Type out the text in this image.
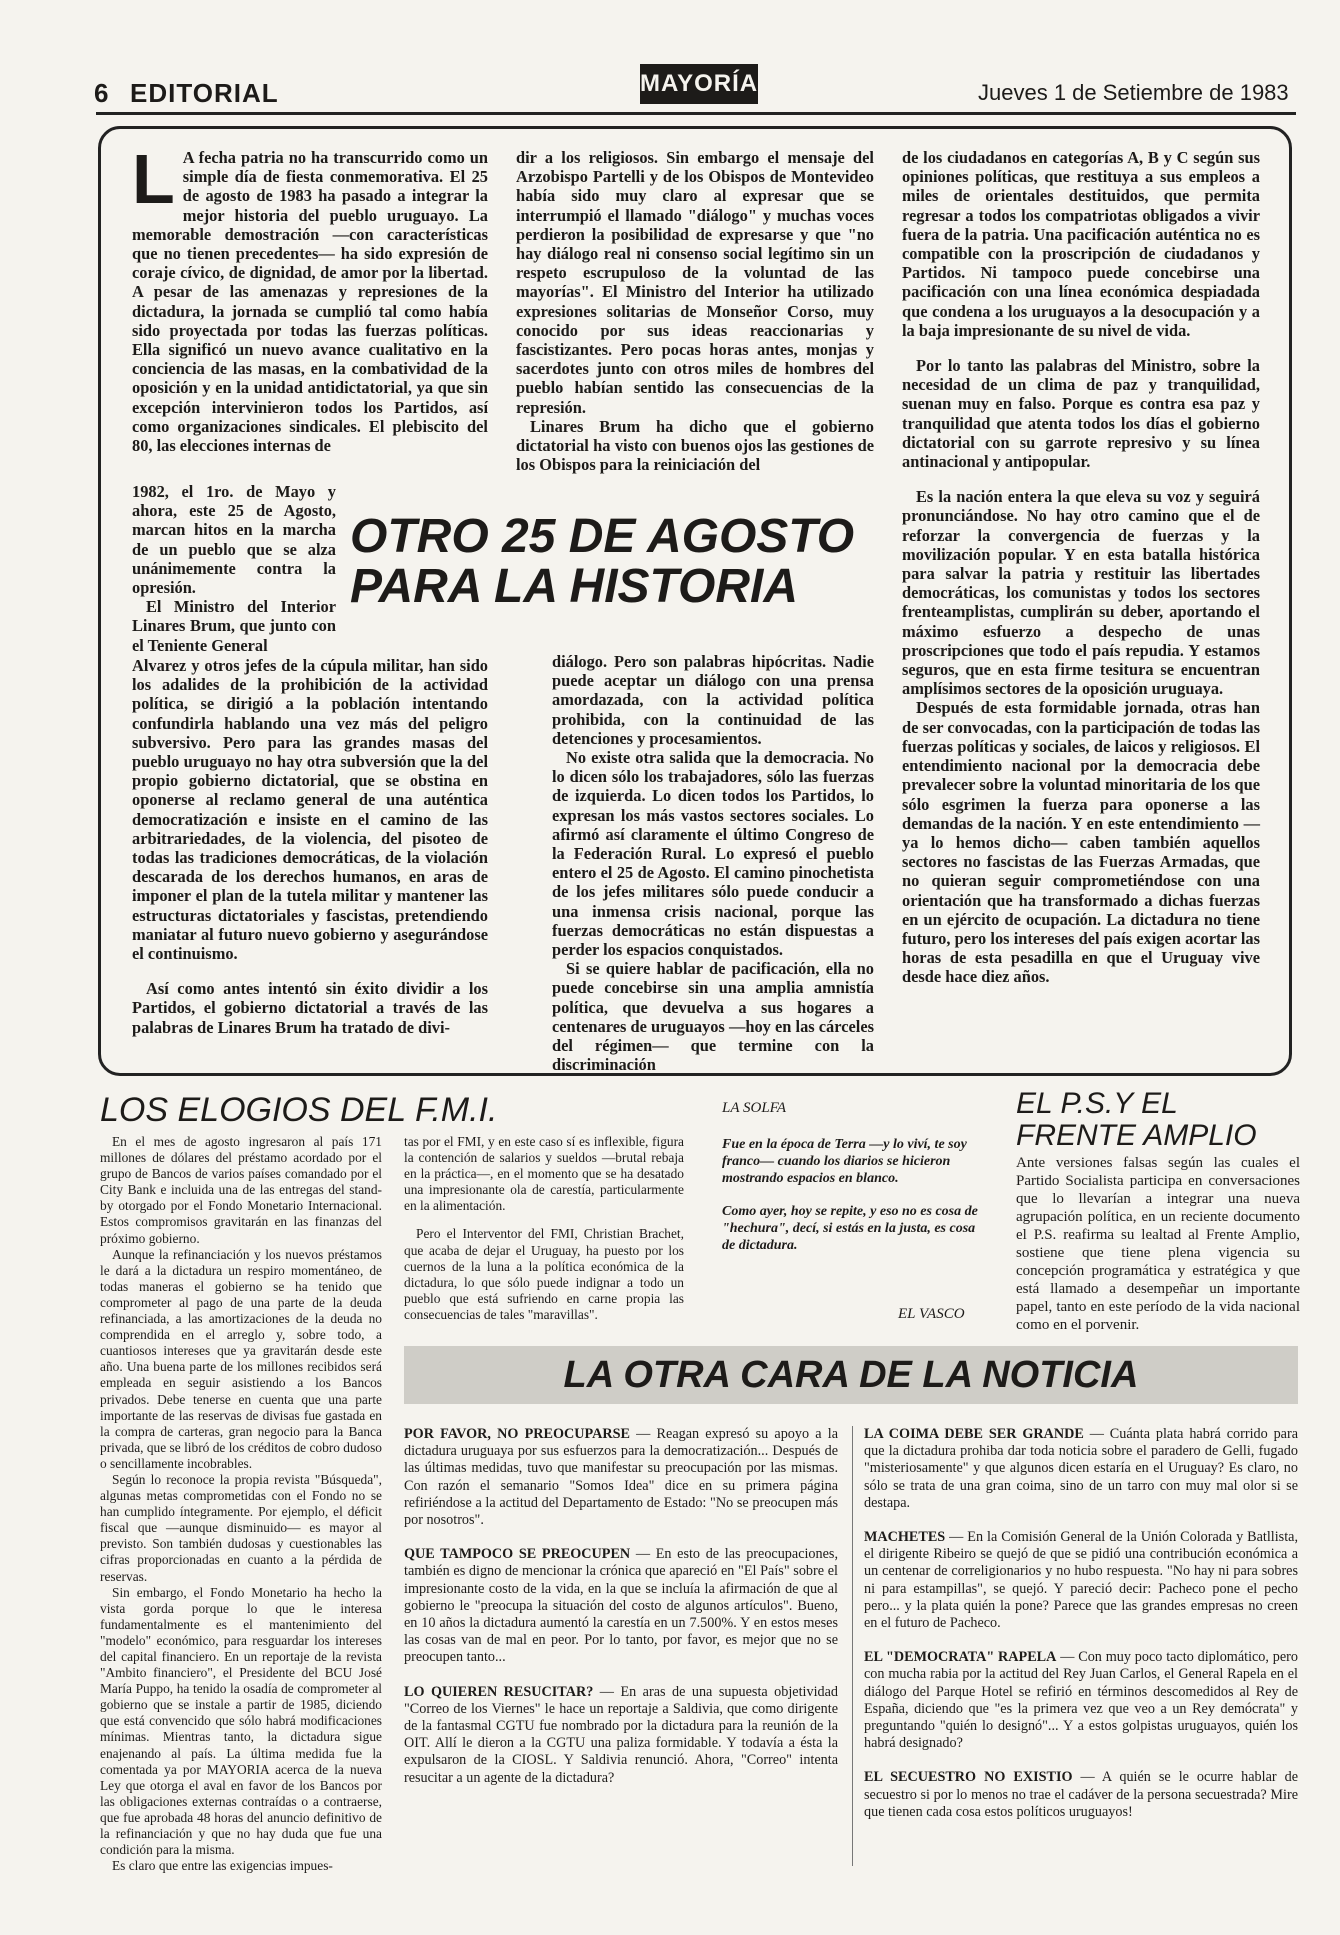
6 EDITORIAL	MAYORÍA	Jueves 1 de Setiembre de 1983
L A fecha patria no ha transcurrido como un simple día de fiesta conmemorativa. El 25 de agosto de 1983 ha pasado a integrar la mejor historia del pueblo uruguayo. La memorable demostración —con características que no tienen precedentes— ha sido expresión de coraje cívico, de dignidad, de amor por la libertad. A pesar de las amenazas y represiones de la dictadura, la jornada se cumplió tal como había sido proyectada por todas las fuerzas políticas. Ella significó un nuevo avance cualitativo en la conciencia de las masas, en la combatividad de la oposición y en la unidad antidictatorial, ya que sin excepción intervinieron todos los Partidos, así como organizaciones sindicales. El plebiscito del 80, las elecciones internas de

1982, el 1ro. de Mayo y ahora, este 25 de Agosto, marcan hitos en la marcha de un pueblo que se alza unánimemente contra la opresión.

El Ministro del Interior Linares Brum, que junto con el Teniente General

Alvarez y otros jefes de la cúpula militar, han sido los adalides de la prohibición de la actividad política, se dirigió a la población intentando confundirla hablando una vez más del peligro subversivo. Pero para las grandes masas del pueblo uruguayo no hay otra subversión que la del propio gobierno dictatorial, que se obstina en oponerse al reclamo general de una auténtica democratización e insiste en el camino de las arbitrariedades, de la violencia, del pisoteo de todas las tradiciones democráticas, de la violación descarada de los derechos humanos, en aras de imponer el plan de la tutela militar y mantener las estructuras dictatoriales y fascistas, pretendiendo maniatar al futuro nuevo gobierno y asegurándose el continuismo.

Así como antes intentó sin éxito dividir a los Partidos, el gobierno dictatorial a través de las palabras de Linares Brum ha tratado de divi-

dir a los religiosos. Sin embargo el mensaje del Arzobispo Partelli y de los Obispos de Montevideo había sido muy claro al expresar que se interrumpió el llamado "diálogo" y muchas voces perdieron la posibilidad de expresarse y que "no hay diálogo real ni consenso social legítimo sin un respeto escrupuloso de la voluntad de las mayorías". El Ministro del Interior ha utilizado expresiones solitarias de Monseñor Corso, muy conocido por sus ideas reaccionarias y fascistizantes. Pero pocas horas antes, monjas y sacerdotes junto con otros miles de hombres del pueblo habían sentido las consecuencias de la represión.

Linares Brum ha dicho que el gobierno dictatorial ha visto con buenos ojos las gestiones de los Obispos para la reiniciación del

OTRO 25 DE AGOSTO
PARA LA HISTORIA

diálogo. Pero son palabras hipócritas. Nadie puede aceptar un diálogo con una prensa amordazada, con la actividad política prohibida, con la continuidad de las detenciones y procesamientos.

No existe otra salida que la democracia. No lo dicen sólo los trabajadores, sólo las fuerzas de izquierda. Lo dicen todos los Partidos, lo expresan los más vastos sectores sociales. Lo afirmó así claramente el último Congreso de la Federación Rural. Lo expresó el pueblo entero el 25 de Agosto. El camino pinochetista de los jefes militares sólo puede conducir a una inmensa crisis nacional, porque las fuerzas democráticas no están dispuestas a perder los espacios conquistados.

Si se quiere hablar de pacificación, ella no puede concebirse sin una amplia amnistía política, que devuelva a sus hogares a centenares de uruguayos —hoy en las cárceles del régimen— que termine con la discriminación

de los ciudadanos en categorías A, B y C según sus opiniones políticas, que restituya a sus empleos a miles de orientales destituidos, que permita regresar a todos los compatriotas obligados a vivir fuera de la patria. Una pacificación auténtica no es compatible con la proscripción de ciudadanos y Partidos. Ni tampoco puede concebirse una pacificación con una línea económica despiadada que condena a los uruguayos a la desocupación y a la baja impresionante de su nivel de vida.

Por lo tanto las palabras del Ministro, sobre la necesidad de un clima de paz y tranquilidad, suenan muy en falso. Porque es contra esa paz y tranquilidad que atenta todos los días el gobierno dictatorial con su garrote represivo y su línea antinacional y antipopular.

Es la nación entera la que eleva su voz y seguirá pronunciándose. No hay otro camino que el de reforzar la convergencia de fuerzas y la movilización popular. Y en esta batalla histórica para salvar la patria y restituir las libertades democráticas, los comunistas y todos los sectores frenteamplistas, cumplirán su deber, aportando el máximo esfuerzo a despecho de unas proscripciones que todo el país repudia. Y estamos seguros, que en esta firme tesitura se encuentran amplísimos sectores de la oposición uruguaya.

Después de esta formidable jornada, otras han de ser convocadas, con la participación de todas las fuerzas políticas y sociales, de laicos y religiosos. El entendimiento nacional por la democracia debe prevalecer sobre la voluntad minoritaria de los que sólo esgrimen la fuerza para oponerse a las demandas de la nación. Y en este entendimiento —ya lo hemos dicho— caben también aquellos sectores no fascistas de las Fuerzas Armadas, que no quieran seguir comprometiéndose con una orientación que ha transformado a dichas fuerzas en un ejército de ocupación. La dictadura no tiene futuro, pero los intereses del país exigen acortar las horas de esta pesadilla en que el Uruguay vive desde hace diez años.

LOS ELOGIOS DEL F.M.I.

En el mes de agosto ingresaron al país 171 millones de dólares del préstamo acordado por el grupo de Bancos de varios países comandado por el City Bank e incluida una de las entregas del stand-by otorgado por el Fondo Monetario Internacional. Estos compromisos gravitarán en las finanzas del próximo gobierno.

Aunque la refinanciación y los nuevos préstamos le dará a la dictadura un respiro momentáneo, de todas maneras el gobierno se ha tenido que comprometer al pago de una parte de la deuda refinanciada, a las amortizaciones de la deuda no comprendida en el arreglo y, sobre todo, a cuantiosos intereses que ya gravitarán desde este año. Una buena parte de los millones recibidos será empleada en seguir asistiendo a los Bancos privados. Debe tenerse en cuenta que una parte importante de las reservas de divisas fue gastada en la compra de carteras, gran negocio para la Banca privada, que se libró de los créditos de cobro dudoso o sencillamente incobrables.

Según lo reconoce la propia revista "Búsqueda", algunas metas comprometidas con el Fondo no se han cumplido íntegramente. Por ejemplo, el déficit fiscal que —aunque disminuido— es mayor al previsto. Son también dudosas y cuestionables las cifras proporcionadas en cuanto a la pérdida de reservas.

Sin embargo, el Fondo Monetario ha hecho la vista gorda porque lo que le interesa fundamentalmente es el mantenimiento del "modelo" económico, para resguardar los intereses del capital financiero. En un reportaje de la revista "Ambito financiero", el Presidente del BCU José María Puppo, ha tenido la osadía de comprometer al gobierno que se instale a partir de 1985, diciendo que está convencido que sólo habrá modificaciones mínimas. Mientras tanto, la dictadura sigue enajenando al país. La última medida fue la comentada ya por MAYORIA acerca de la nueva Ley que otorga el aval en favor de los Bancos por las obligaciones externas contraídas o a contraerse, que fue aprobada 48 horas del anuncio definitivo de la refinanciación y que no hay duda que fue una condición para la misma.

Es claro que entre las exigencias impues-

tas por el FMI, y en este caso sí es inflexible, figura la contención de salarios y sueldos —brutal rebaja en la práctica—, en el momento que se ha desatado una impresionante ola de carestía, particularmente en la alimentación.

Pero el Interventor del FMI, Christian Brachet, que acaba de dejar el Uruguay, ha puesto por los cuernos de la luna a la política económica de la dictadura, lo que sólo puede indignar a todo un pueblo que está sufriendo en carne propia las consecuencias de tales "maravillas".

LA SOLFA

Fue en la época de Terra —y lo viví, te soy franco— cuando los diarios se hicieron mostrando espacios en blanco.

Como ayer, hoy se repite, y eso no es cosa de "hechura", decí, si estás en la justa, es cosa de dictadura.

EL VASCO
EL P.S.Y EL
FRENTE AMPLIO
Ante versiones falsas según las cuales el Partido Socialista participa en conversaciones que lo llevarían a integrar una nueva agrupación política, en un reciente documento el P.S. reafirma su lealtad al Frente Amplio, sostiene que tiene plena vigencia su concepción programática y estratégica y que está llamado a desempeñar un importante papel, tanto en este período de la vida nacional como en el porvenir.
LA OTRA CARA DE LA NOTICIA

POR FAVOR, NO PREOCUPARSE — Reagan expresó su apoyo a la dictadura uruguaya por sus esfuerzos para la democratización... Después de las últimas medidas, tuvo que manifestar su preocupación por las mismas. Con razón el semanario "Somos Idea" dice en su primera página refiriéndose a la actitud del Departamento de Estado: "No se preocupen más por nosotros".

QUE TAMPOCO SE PREOCUPEN — En esto de las preocupaciones, también es digno de mencionar la crónica que apareció en "El País" sobre el impresionante costo de la vida, en la que se incluía la afirmación de que al gobierno le "preocupa la situación del costo de algunos artículos". Bueno, en 10 años la dictadura aumentó la carestía en un 7.500%. Y en estos meses las cosas van de mal en peor. Por lo tanto, por favor, es mejor que no se preocupen tanto...

LO QUIEREN RESUCITAR? — En aras de una supuesta objetividad "Correo de los Viernes" le hace un reportaje a Saldivia, que como dirigente de la fantasmal CGTU fue nombrado por la dictadura para la reunión de la OIT. Allí le dieron a la CGTU una paliza formidable. Y todavía a ésta la expulsaron de la CIOSL. Y Saldivia renunció. Ahora, "Correo" intenta resucitar a un agente de la dictadura?

LA COIMA DEBE SER GRANDE — Cuánta plata habrá corrido para que la dictadura prohiba dar toda noticia sobre el paradero de Gelli, fugado "misteriosamente" y que algunos dicen estaría en el Uruguay? Es claro, no sólo se trata de una gran coima, sino de un tarro con muy mal olor si se destapa.

MACHETES — En la Comisión General de la Unión Colorada y Batllista, el dirigente Ribeiro se quejó de que se pidió una contribución económica a un centenar de correligionarios y no hubo respuesta. "No hay ni para sobres ni para estampillas", se quejó. Y pareció decir: Pacheco pone el pecho pero... y la plata quién la pone? Parece que las grandes empresas no creen en el futuro de Pacheco.

EL "DEMOCRATA" RAPELA — Con muy poco tacto diplomático, pero con mucha rabia por la actitud del Rey Juan Carlos, el General Rapela en el diálogo del Parque Hotel se refirió en términos descomedidos al Rey de España, diciendo que "es la primera vez que veo a un Rey demócrata" y preguntando "quién lo designó"... Y a estos golpistas uruguayos, quién los habrá designado?

EL SECUESTRO NO EXISTIO — A quién se le ocurre hablar de secuestro si por lo menos no trae el cadáver de la persona secuestrada? Mire que tienen cada cosa estos políticos uruguayos!
